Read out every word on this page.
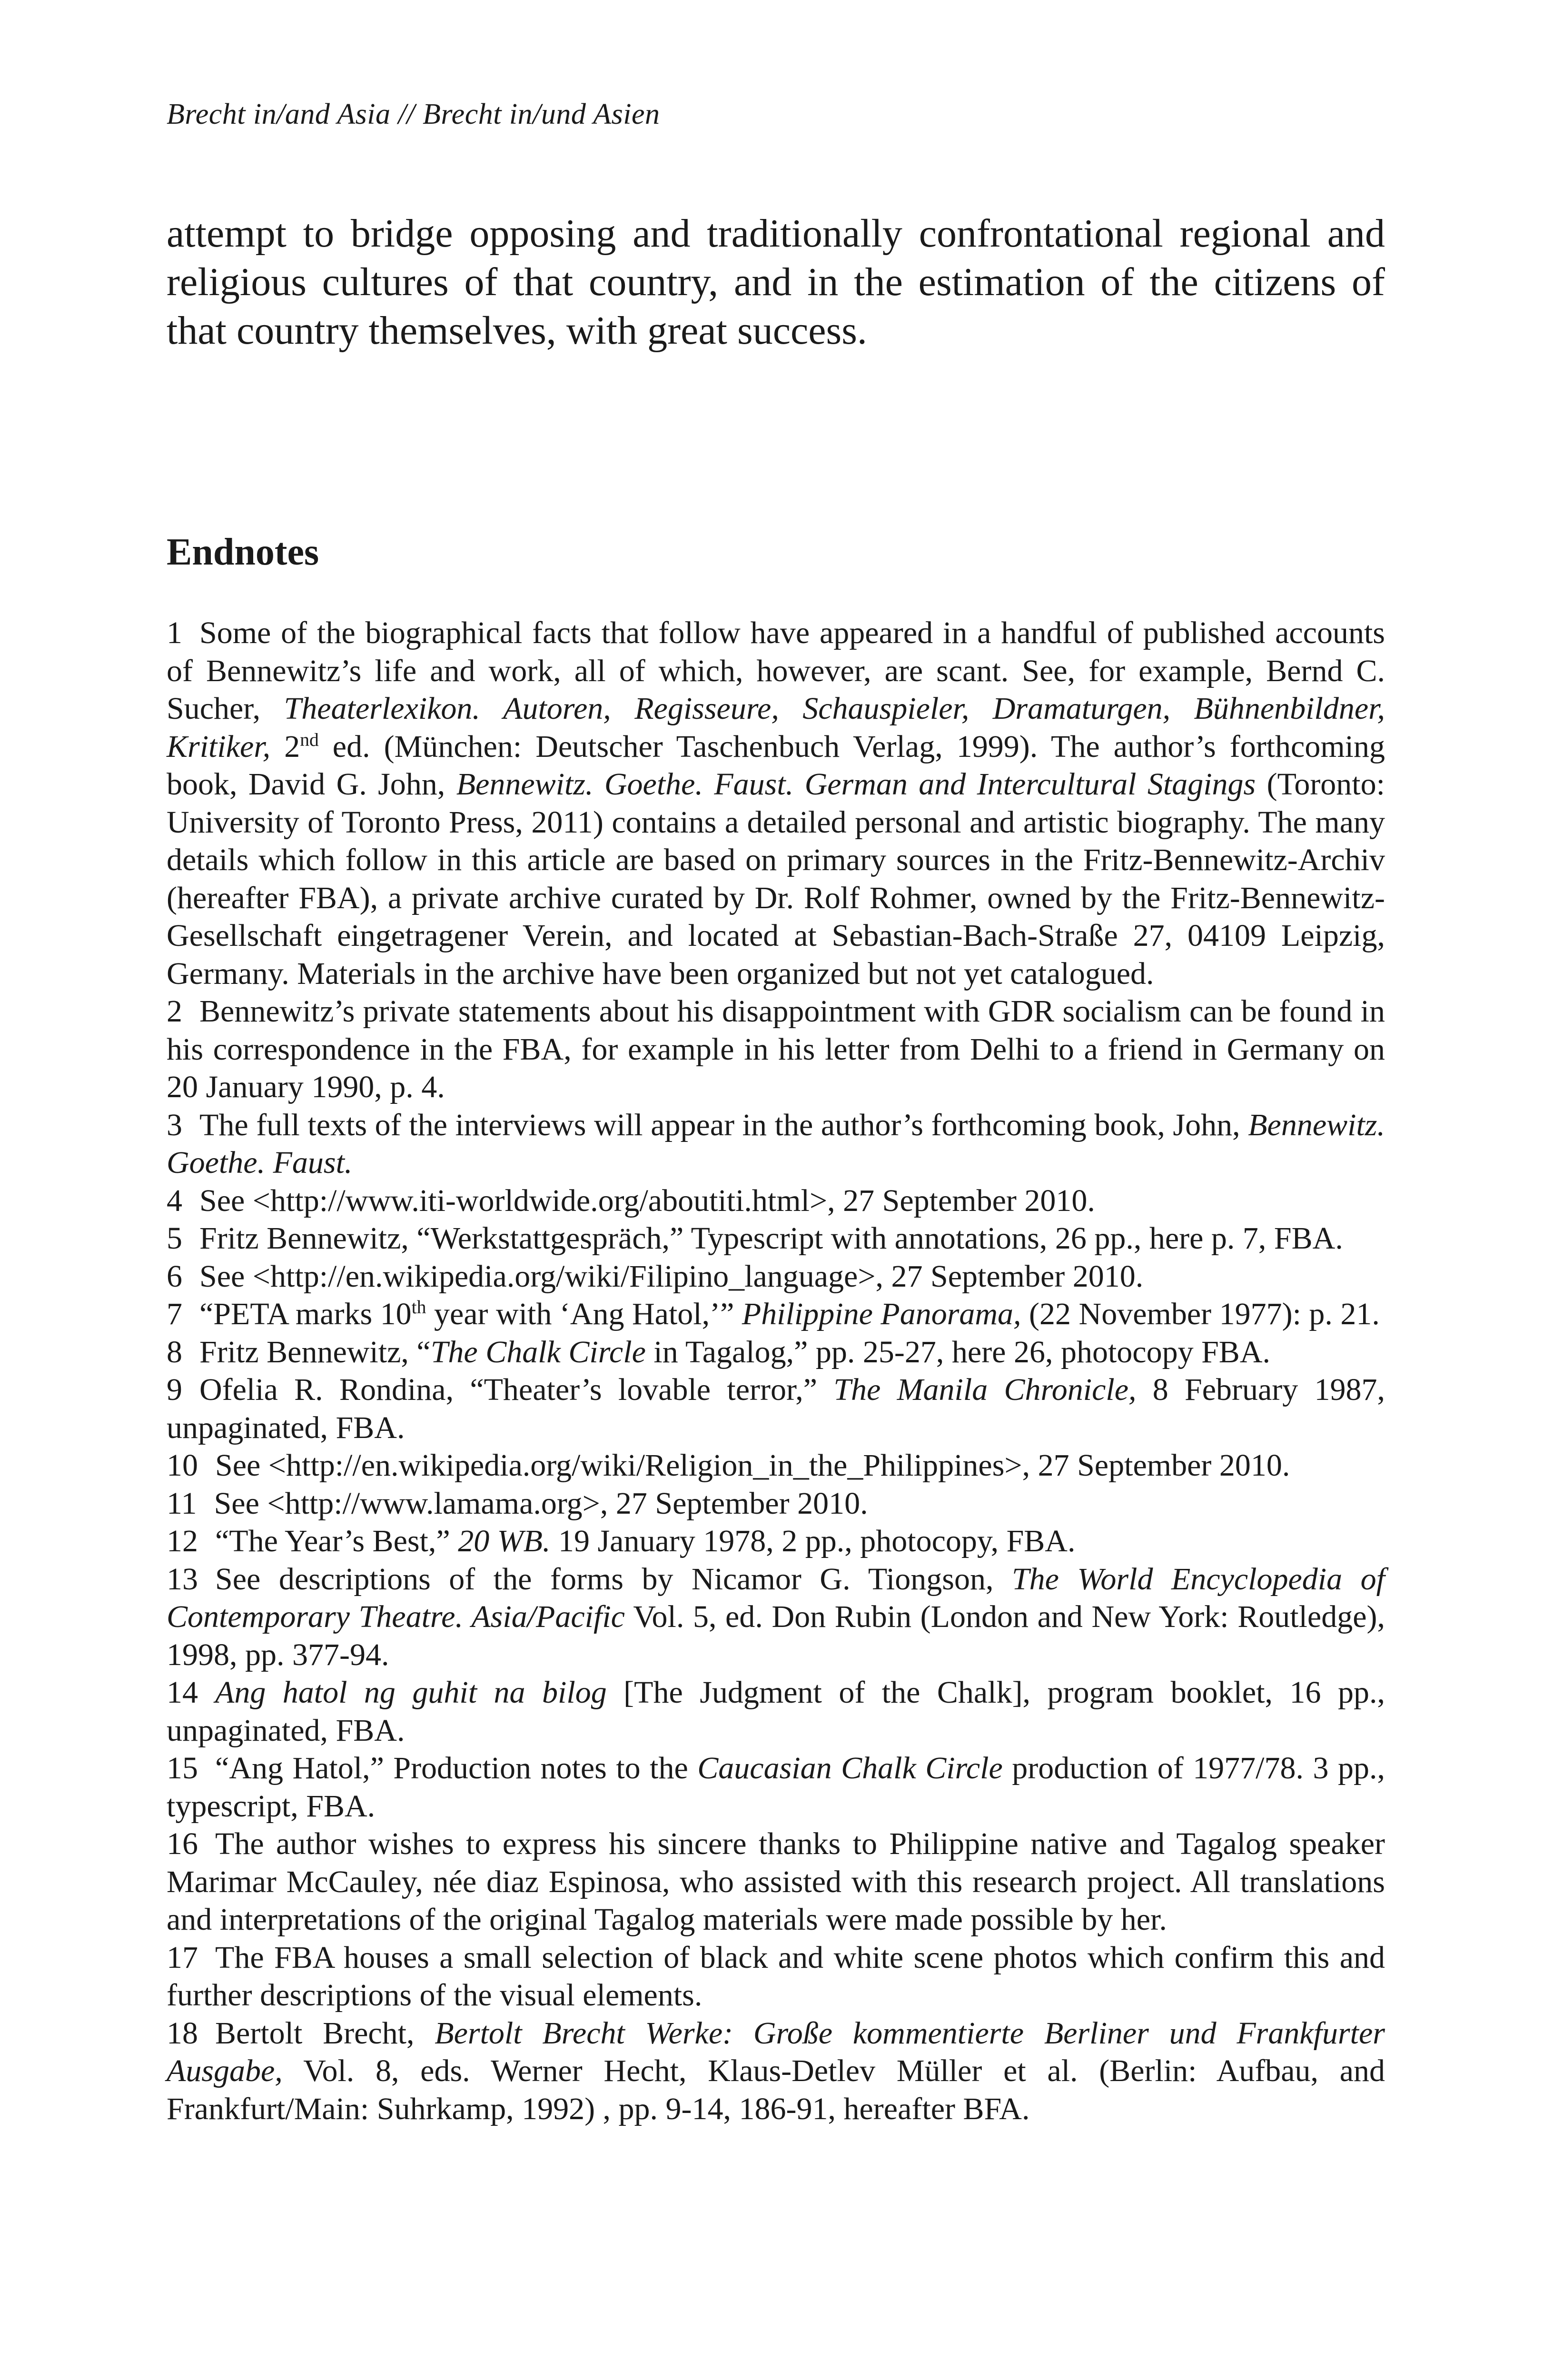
Brecht in/and Asia // Brecht in/und Asien

attempt to bridge opposing and traditionally confrontational regional and religious cultures of that country, and in the estimation of the citizens of that country themselves, with great success.

Endnotes

1 Some of the biographical facts that follow have appeared in a handful of published accounts of Bennewitz’s life and work, all of which, however, are scant. See, for example, Bernd C. Sucher, Theaterlexikon. Autoren, Regisseure, Schauspieler, Dramaturgen, Bühnenbildner, Kritiker, 2nd ed. (München: Deutscher Taschenbuch Verlag, 1999). The author’s forthcoming book, David G. John, Bennewitz. Goethe. Faust. German and Intercultural Stagings (Toronto: University of Toronto Press, 2011) contains a detailed personal and artistic biography. The many details which follow in this article are based on primary sources in the Fritz-Bennewitz-Archiv (hereafter FBA), a private archive curated by Dr. Rolf Rohmer, owned by the Fritz-Bennewitz-Gesellschaft eingetragener Verein, and located at Sebastian-Bach-Straße 27, 04109 Leipzig, Germany. Materials in the archive have been organized but not yet catalogued.

2 Bennewitz’s private statements about his disappointment with GDR socialism can be found in his correspondence in the FBA, for example in his letter from Delhi to a friend in Germany on 20 January 1990, p. 4.

3 The full texts of the interviews will appear in the author’s forthcoming book, John, Bennewitz. Goethe. Faust.

4 See <http://www.iti-worldwide.org/aboutiti.html>, 27 September 2010.

5 Fritz Bennewitz, “Werkstattgespräch,” Typescript with annotations, 26 pp., here p. 7, FBA.

6 See <http://en.wikipedia.org/wiki/Filipino_language>, 27 September 2010.

7 “PETA marks 10th year with ‘Ang Hatol,’” Philippine Panorama, (22 November 1977): p. 21.

8 Fritz Bennewitz, “The Chalk Circle in Tagalog,” pp. 25-27, here 26, photocopy FBA.

9 Ofelia R. Rondina, “Theater’s lovable terror,” The Manila Chronicle, 8 February 1987, unpaginated, FBA.

10 See <http://en.wikipedia.org/wiki/Religion_in_the_Philippines>, 27 September 2010.

11 See <http://www.lamama.org>, 27 September 2010.

12 “The Year’s Best,” 20 WB. 19 January 1978, 2 pp., photocopy, FBA.

13 See descriptions of the forms by Nicamor G. Tiongson, The World Encyclopedia of Contemporary Theatre. Asia/Pacific Vol. 5, ed. Don Rubin (London and New York: Routledge), 1998, pp. 377-94.

14 Ang hatol ng guhit na bilog [The Judgment of the Chalk], program booklet, 16 pp., unpaginated, FBA.

15 “Ang Hatol,” Production notes to the Caucasian Chalk Circle production of 1977/78. 3 pp., typescript, FBA.

16 The author wishes to express his sincere thanks to Philippine native and Tagalog speaker Marimar McCauley, née diaz Espinosa, who assisted with this research project. All translations and interpretations of the original Tagalog materials were made possible by her.

17 The FBA houses a small selection of black and white scene photos which confirm this and further descriptions of the visual elements.

18 Bertolt Brecht, Bertolt Brecht Werke: Große kommentierte Berliner und Frankfurter Ausgabe, Vol. 8, eds. Werner Hecht, Klaus-Detlev Müller et al. (Berlin: Aufbau, and Frankfurt/Main: Suhrkamp, 1992) , pp. 9-14, 186-91, hereafter BFA.
